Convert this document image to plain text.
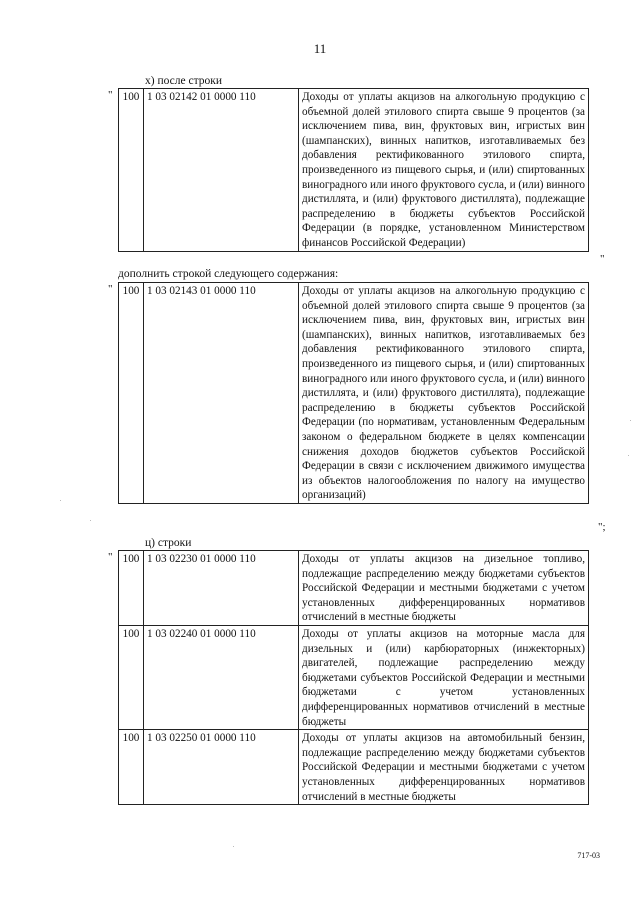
11
х) после строки
" 100	1 03 02142 01 0000 110	Доходы от уплаты акцизов на алкогольную продукцию с объемной долей этилового спирта свыше 9 процентов (за исключением пива, вин, фруктовых вин, игристых вин (шампанских), винных напитков, изготавливаемых без добавления ректификованного этилового спирта, произведенного из пищевого сырья, и (или) спиртованных виноградного или иного фруктового сусла, и (или) винного дистиллята, и (или) фруктового дистиллята), подлежащие распределению в бюджеты субъектов Российской Федерации (в порядке, установленном Министерством финансов Российской Федерации)
"
дополнить строкой следующего содержания:
" 100	1 03 02143 01 0000 110	Доходы от уплаты акцизов на алкогольную продукцию с объемной долей этилового спирта свыше 9 процентов (за исключением пива, вин, фруктовых вин, игристых вин (шампанских), винных напитков, изготавливаемых без добавления ректификованного этилового спирта, произведенного из пищевого сырья, и (или) спиртованных виноградного или иного фруктового сусла, и (или) винного дистиллята, и (или) фруктового дистиллята), подлежащие распределению в бюджеты субъектов Российской Федерации (по нормативам, установленным Федеральным законом о федеральном бюджете в целях компенсации снижения доходов бюджетов субъектов Российской Федерации в связи с исключением движимого имущества из объектов налогообложения по налогу на имущество организаций)
";
ц) строки
" 100	1 03 02230 01 0000 110	Доходы от уплаты акцизов на дизельное топливо, подлежащие распределению между бюджетами субъектов Российской Федерации и местными бюджетами с учетом установленных дифференцированных нормативов отчислений в местные бюджеты
100	1 03 02240 01 0000 110	Доходы от уплаты акцизов на моторные масла для дизельных и (или) карбюраторных (инжекторных) двигателей, подлежащие распределению между бюджетами субъектов Российской Федерации и местными бюджетами с учетом установленных дифференцированных нормативов отчислений в местные бюджеты
100	1 03 02250 01 0000 110	Доходы от уплаты акцизов на автомобильный бензин, подлежащие распределению между бюджетами субъектов Российской Федерации и местными бюджетами с учетом установленных дифференцированных нормативов отчислений в местные бюджеты
717-03
